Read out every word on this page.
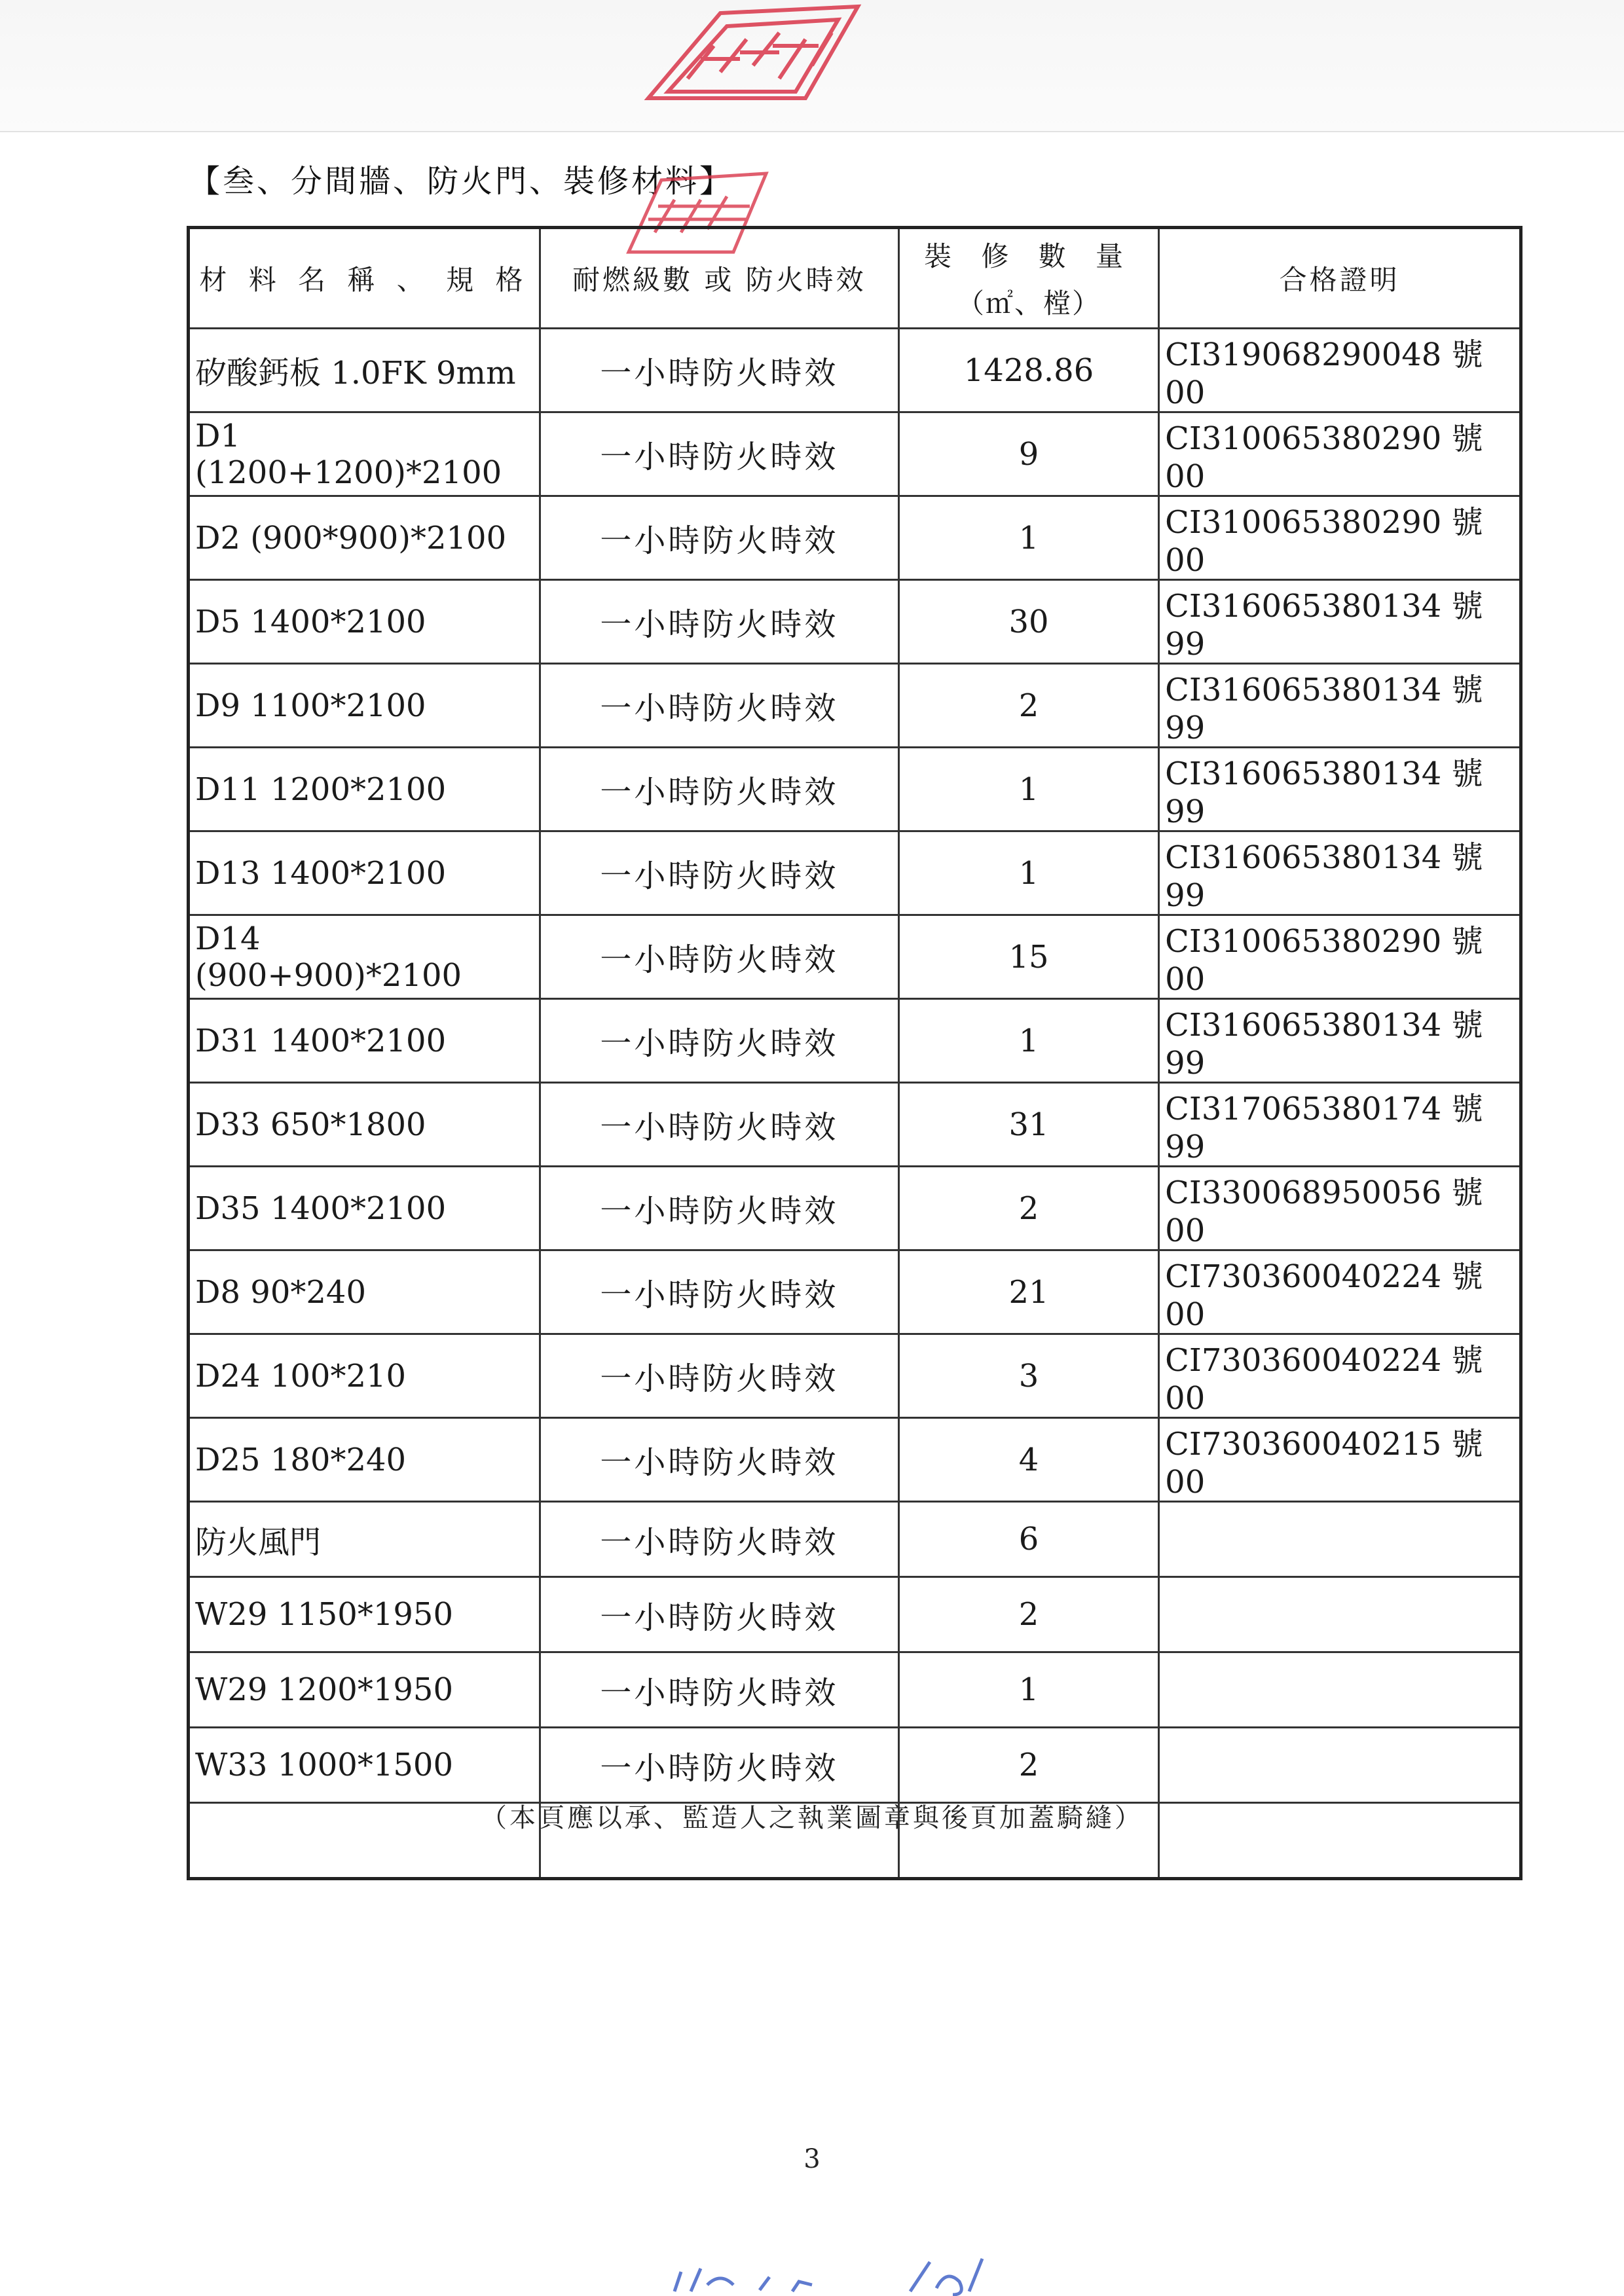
【叁、分間牆、防火門、裝修材料】
材 料 名 稱 、 規 格	耐燃級數 或 防火時效	裝 修 數 量
（㎡、樘）	合格證明
矽酸鈣板 1.0FK 9mm	一小時防火時效	1428.86	CI319068290048 號 00
D1 (1200+1200)*2100	一小時防火時效	9	CI310065380290 號 00
D2 (900*900)*2100	一小時防火時效	1	CI310065380290 號 00
D5 1400*2100	一小時防火時效	30	CI316065380134 號 99
D9 1100*2100	一小時防火時效	2	CI316065380134 號 99
D11 1200*2100	一小時防火時效	1	CI316065380134 號 99
D13 1400*2100	一小時防火時效	1	CI316065380134 號 99
D14 (900+900)*2100	一小時防火時效	15	CI310065380290 號 00
D31 1400*2100	一小時防火時效	1	CI316065380134 號 99
D33 650*1800	一小時防火時效	31	CI317065380174 號 99
D35 1400*2100	一小時防火時效	2	CI330068950056 號 00
D8 90*240	一小時防火時效	21	CI730360040224 號 00
D24 100*210	一小時防火時效	3	CI730360040224 號 00
D25 180*240	一小時防火時效	4	CI730360040215 號 00
防火風門	一小時防火時效	6	
W29 1150*1950	一小時防火時效	2	
W29 1200*1950	一小時防火時效	1	
W33 1000*1500	一小時防火時效	2	

（本頁應以承、監造人之執業圖章與後頁加蓋騎縫）
3
